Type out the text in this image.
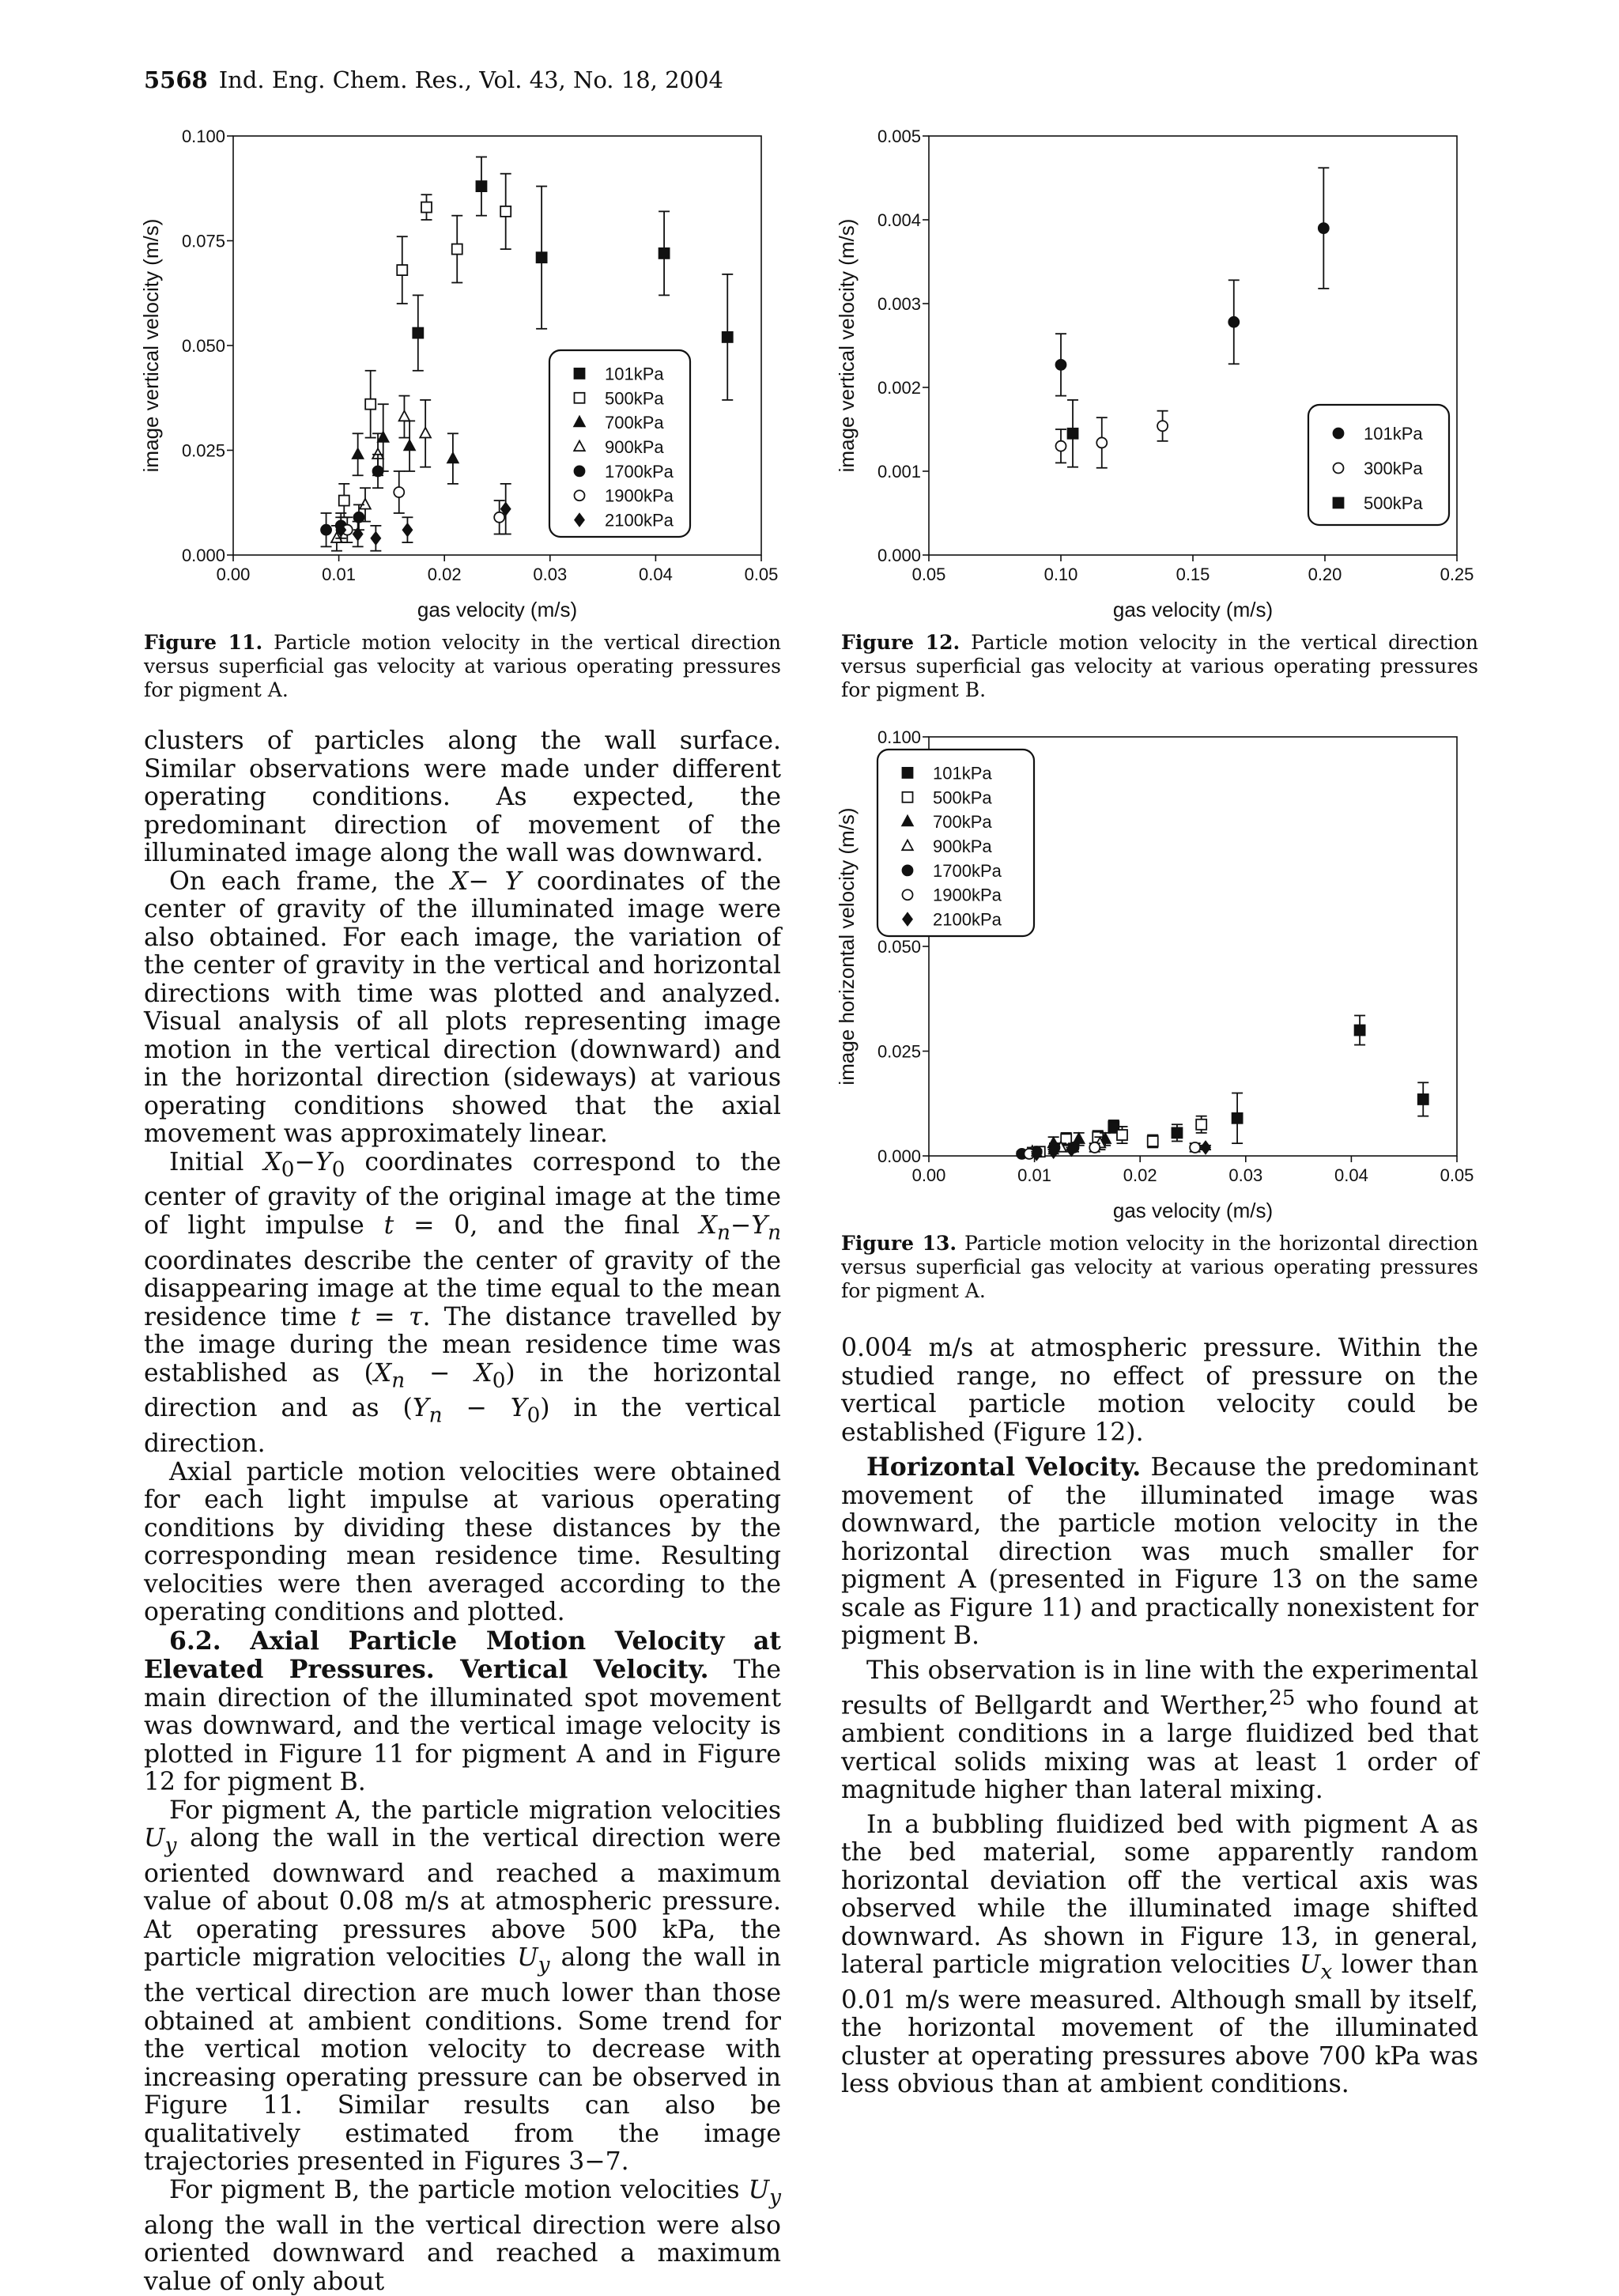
5568 Ind. Eng. Chem. Res., Vol. 43, No. 18, 2004
0.00	0.01	0.02	0.03	0.04	0.05
0.000
0.025
0.050
0.075
0.100
gas velocity (m/s)
image vertical velocity (m/s)	101kPa
500kPa
700kPa
900kPa
1700kPa
1900kPa
2100kPa
Figure 11. Particle motion velocity in the vertical direction versus superficial gas velocity at various operating pressures for pigment A.
0.05	0.10	0.15	0.20	0.25
0.000
0.001
0.002
0.003
0.004
0.005
gas velocity (m/s)
image vertical velocity (m/s)	101kPa
300kPa
500kPa
Figure 12. Particle motion velocity in the vertical direction versus superficial gas velocity at various operating pressures for pigment B.
0.00	0.01	0.02	0.03	0.04	0.05
0.000
0.025
0.050
0.100
gas velocity (m/s)
image horizontal velocity (m/s)
101kPa
500kPa
700kPa
900kPa
1700kPa
1900kPa
2100kPa
Figure 13. Particle motion velocity in the horizontal direction versus superficial gas velocity at various operating pressures for pigment A.

clusters of particles along the wall surface. Similar observations were made under different operating conditions. As expected, the predominant direction of movement of the illuminated image along the wall was downward.

On each frame, the X− Y coordinates of the center of gravity of the illuminated image were also obtained. For each image, the variation of the center of gravity in the vertical and horizontal directions with time was plotted and analyzed. Visual analysis of all plots representing image motion in the vertical direction (downward) and in the horizontal direction (sideways) at various operating conditions showed that the axial movement was approximately linear.

Initial $X_0-Y_0$ coordinates correspond to the center of gravity of the original image at the time of light impulse t = 0, and the final $X_n-Y_n$ coordinates describe the center of gravity of the disappearing image at the time equal to the mean residence time t = τ. The distance travelled by the image during the mean residence time was established as $(X_n - X_0)$ in the horizontal direction and as $(Y_n - Y_0)$ in the vertical direction.

Axial particle motion velocities were obtained for each light impulse at various operating conditions by dividing these distances by the corresponding mean residence time. Resulting velocities were then averaged according to the operating conditions and plotted.

6.2. Axial Particle Motion Velocity at Elevated Pressures. Vertical Velocity. The main direction of the illuminated spot movement was downward, and the vertical image velocity is plotted in Figure 11 for pigment A and in Figure 12 for pigment B.

For pigment A, the particle migration velocities $U_y$ along the wall in the vertical direction were oriented downward and reached a maximum value of about 0.08 m/s at atmospheric pressure. At operating pressures above 500 kPa, the particle migration velocities $U_y$ along the wall in the vertical direction are much lower than those obtained at ambient conditions. Some trend for the vertical motion velocity to decrease with increasing operating pressure can be observed in Figure 11. Similar results can also be qualitatively estimated from the image trajectories presented in Figures 3−7.

For pigment B, the particle motion velocities $U_y$ along the wall in the vertical direction were also oriented downward and reached a maximum value of only about

0.004 m/s at atmospheric pressure. Within the studied range, no effect of pressure on the vertical particle motion velocity could be established (Figure 12).

Horizontal Velocity. Because the predominant movement of the illuminated image was downward, the particle motion velocity in the horizontal direction was much smaller for pigment A (presented in Figure 13 on the same scale as Figure 11) and practically nonexistent for pigment B.

This observation is in line with the experimental results of Bellgardt and Werther,$^{25}$ who found at ambient conditions in a large fluidized bed that vertical solids mixing was at least 1 order of magnitude higher than lateral mixing.

In a bubbling fluidized bed with pigment A as the bed material, some apparently random horizontal deviation off the vertical axis was observed while the illuminated image shifted downward. As shown in Figure 13, in general, lateral particle migration velocities $U_x$ lower than 0.01 m/s were measured. Although small by itself, the horizontal movement of the illuminated cluster at operating pressures above 700 kPa was less obvious than at ambient conditions.
